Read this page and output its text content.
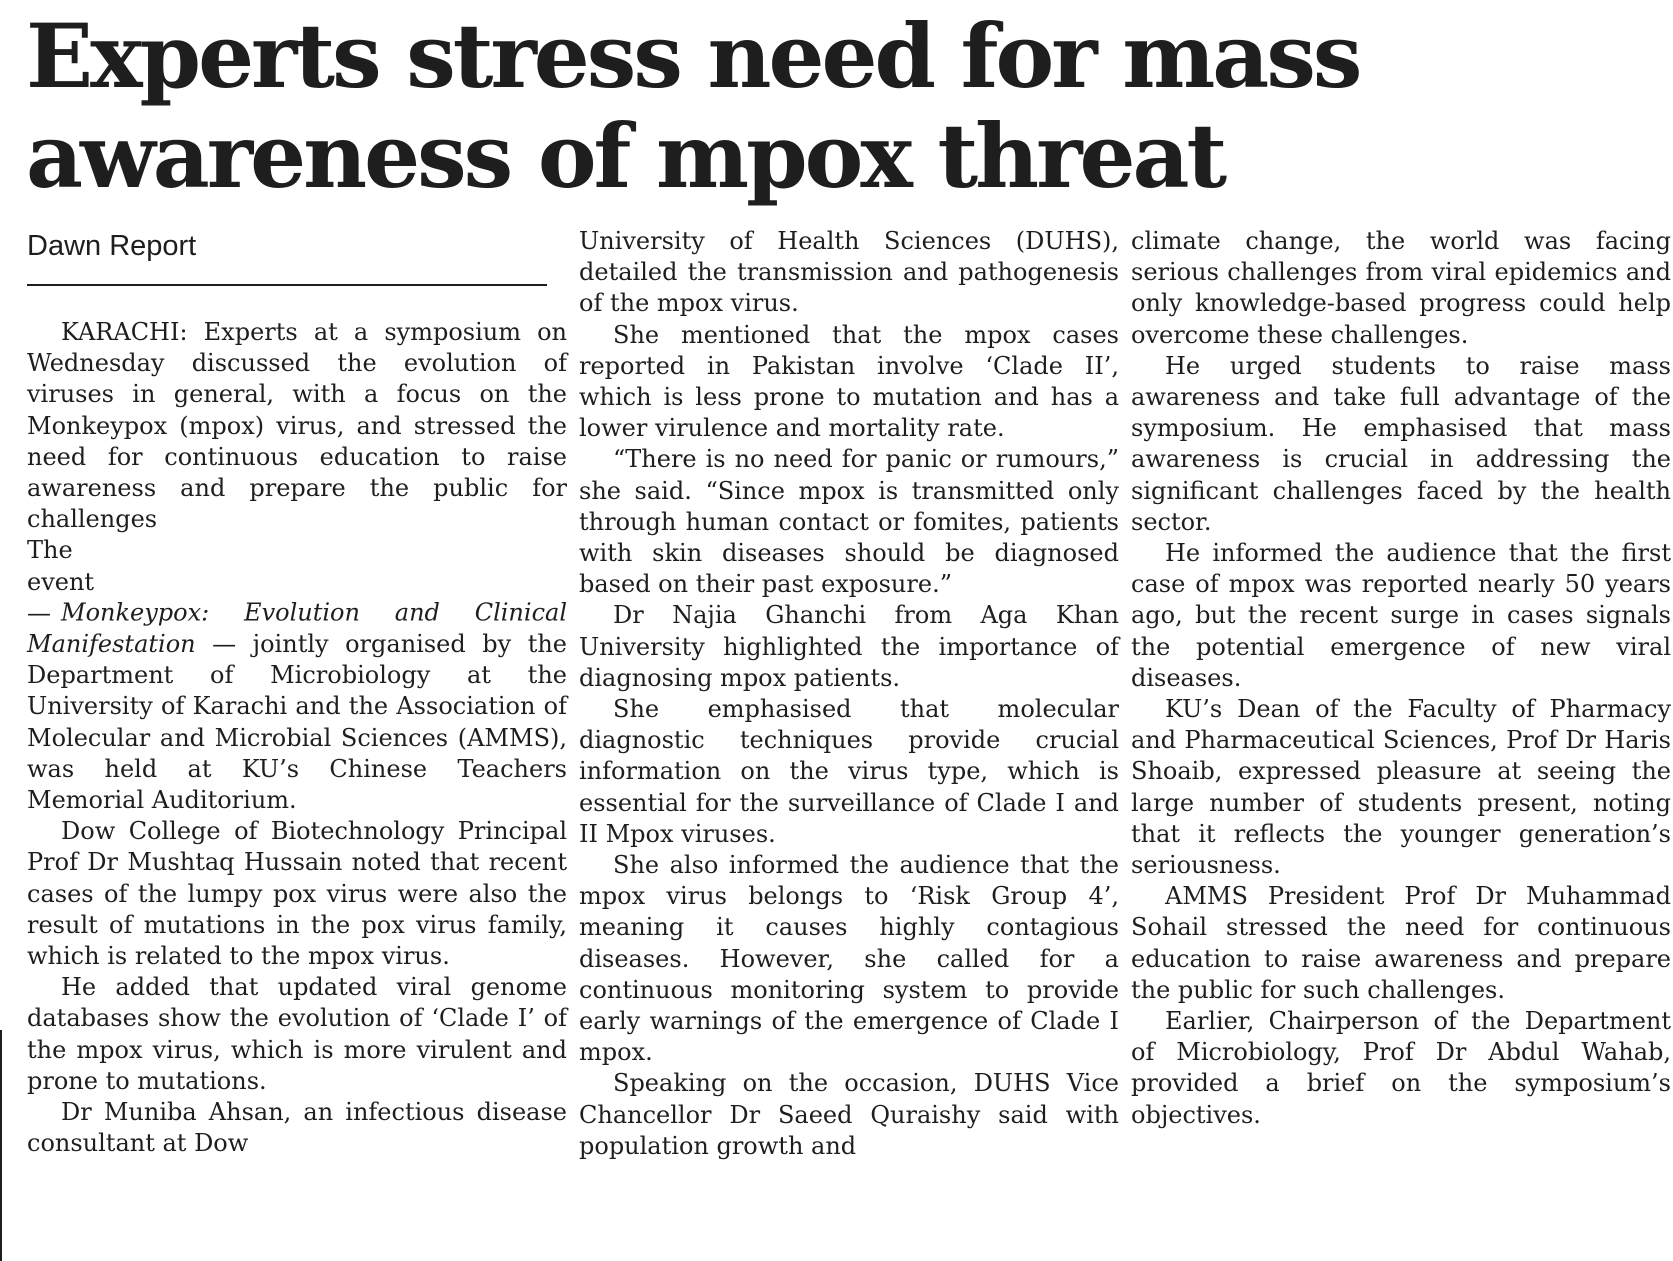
Experts stress need for mass awareness of mpox threat
Dawn Report

KARACHI: Experts at a symposium on Wednesday discussed the evolution of viruses in general, with a focus on the Monkeypox (mpox) virus, and stressed the need for continuous education to raise awareness and prepare the public for challenges

The event —Monkeypox: Evolution and Clinical Manifestation — jointly organised by the Department of Microbiology at the University of Karachi and the Association of Molecular and Microbial Sciences (AMMS), was held at KU’s Chinese Teachers Memorial Auditorium.

Dow College of Biotechnology Principal Prof Dr Mushtaq Hussain noted that recent cases of the lumpy pox virus were also the result of mutations in the pox virus family, which is related to the mpox virus.

He added that updated viral genome databases show the evolution of ‘Clade I’ of the mpox virus, which is more virulent and prone to mutations.

Dr Muniba Ahsan, an infectious disease consultant at Dow

University of Health Sciences (DUHS), detailed the transmission and pathogenesis of the mpox virus.

She mentioned that the mpox cases reported in Pakistan involve ‘Clade II’, which is less prone to mutation and has a lower virulence and mortality rate.

“There is no need for panic or rumours,” she said. “Since mpox is transmitted only through human contact or fomites, patients with skin diseases should be diagnosed based on their past exposure.”

Dr Najia Ghanchi from Aga Khan University highlighted the importance of diagnosing mpox patients.

She emphasised that molecular diagnostic techniques provide crucial information on the virus type, which is essential for the surveillance of Clade I and II Mpox viruses.

She also informed the audience that the mpox virus belongs to ‘Risk Group 4’, meaning it causes highly contagious diseases. However, she called for a continuous monitoring system to provide early warnings of the emergence of Clade I mpox.

Speaking on the occasion, DUHS Vice Chancellor Dr Saeed Quraishy said with population growth and

climate change, the world was facing serious challenges from viral epidemics and only knowledge-based progress could help overcome these challenges.

He urged students to raise mass awareness and take full advantage of the symposium. He emphasised that mass awareness is crucial in addressing the significant challenges faced by the health sector.

He informed the audience that the first case of mpox was reported nearly 50 years ago, but the recent surge in cases signals the potential emergence of new viral diseases.

KU’s Dean of the Faculty of Pharmacy and Pharmaceutical Sciences, Prof Dr Haris Shoaib, expressed pleasure at seeing the large number of students present, noting that it reflects the younger generation’s seriousness.

AMMS President Prof Dr Muhammad Sohail stressed the need for continuous education to raise awareness and prepare the public for such challenges.

Earlier, Chairperson of the Department of Microbiology, Prof Dr Abdul Wahab, provided a brief on the symposium’s objectives.
